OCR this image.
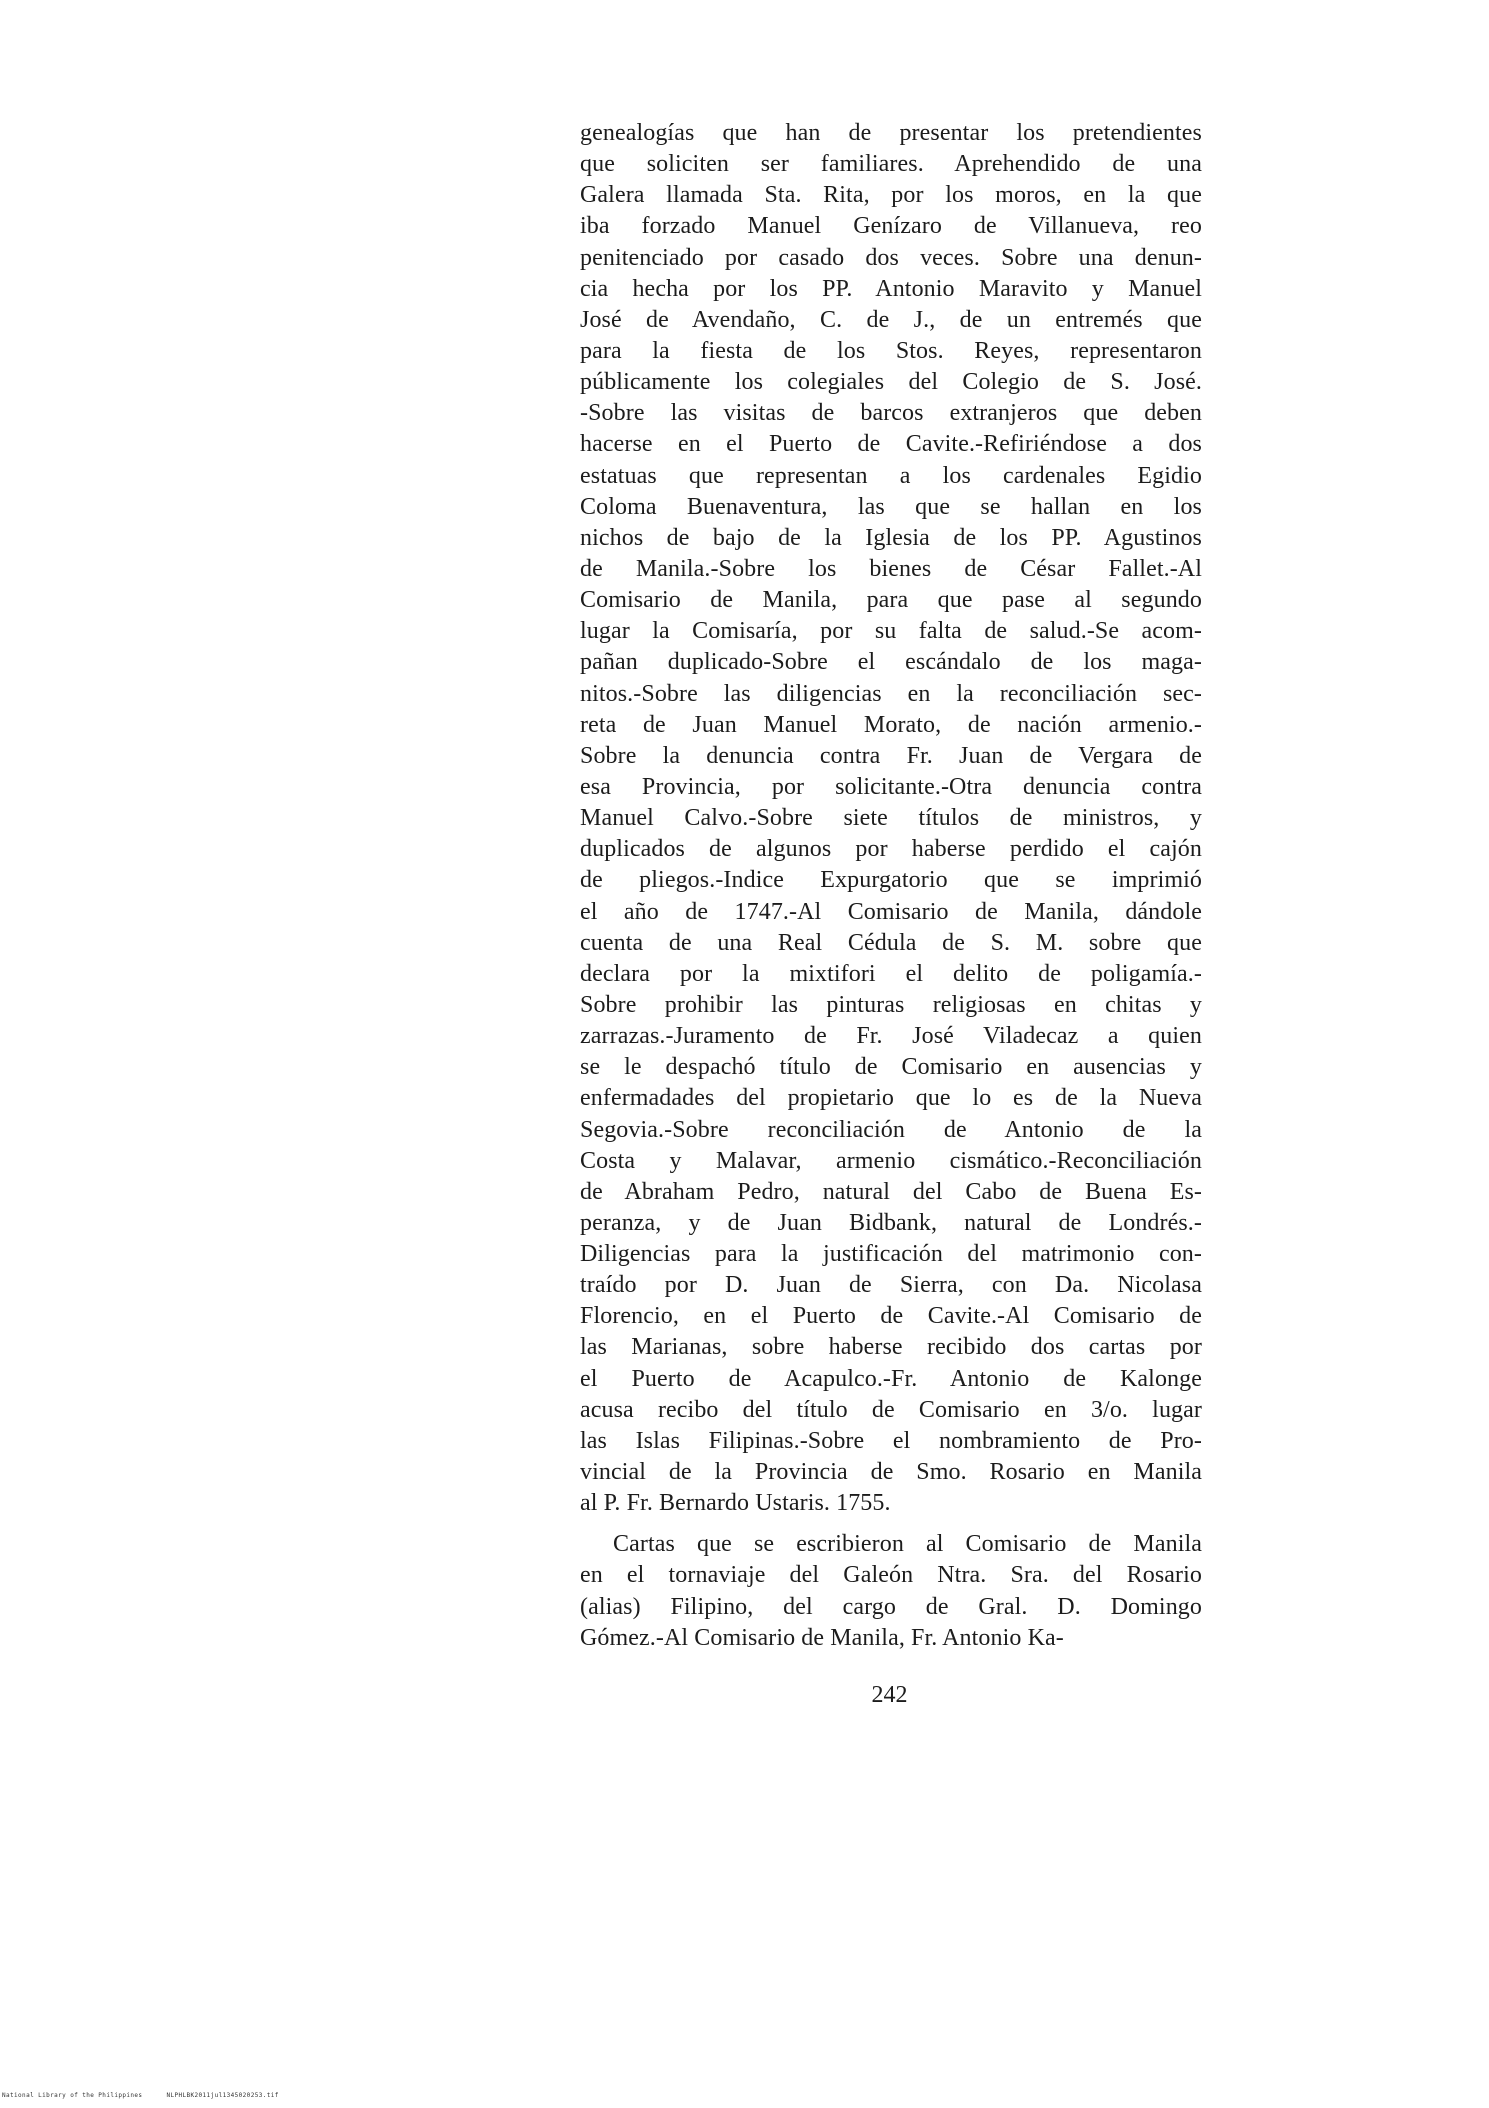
genealogías que han de presentar los pretendientes
que soliciten ser familiares. Aprehendido de una
Galera llamada Sta. Rita, por los moros, en la que
iba forzado Manuel Genízaro de Villanueva, reo
penitenciado por casado dos veces. Sobre una denun-
cia hecha por los PP. Antonio Maravito y Manuel
José de Avendaño, C. de J., de un entremés que
para la fiesta de los Stos. Reyes, representaron
públicamente los colegiales del Colegio de S. José.
-Sobre las visitas de barcos extranjeros que deben
hacerse en el Puerto de Cavite.-Refiriéndose a dos
estatuas que representan a los cardenales Egidio
Coloma Buenaventura, las que se hallan en los
nichos de bajo de la Iglesia de los PP. Agustinos
de Manila.-Sobre los bienes de César Fallet.-Al
Comisario de Manila, para que pase al segundo
lugar la Comisaría, por su falta de salud.-Se acom-
pañan duplicado-Sobre el escándalo de los maga-
nitos.-Sobre las diligencias en la reconciliación sec-
reta de Juan Manuel Morato, de nación armenio.-
Sobre la denuncia contra Fr. Juan de Vergara de
esa Provincia, por solicitante.-Otra denuncia contra
Manuel Calvo.-Sobre siete títulos de ministros, y
duplicados de algunos por haberse perdido el cajón
de pliegos.-Indice Expurgatorio que se imprimió
el año de 1747.-Al Comisario de Manila, dándole
cuenta de una Real Cédula de S. M. sobre que
declara por la mixtifori el delito de poligamía.-
Sobre prohibir las pinturas religiosas en chitas y
zarrazas.-Juramento de Fr. José Viladecaz a quien
se le despachó título de Comisario en ausencias y
enfermadades del propietario que lo es de la Nueva
Segovia.-Sobre reconciliación de Antonio de la
Costa y Malavar, armenio cismático.-Reconciliación
de Abraham Pedro, natural del Cabo de Buena Es-
peranza, y de Juan Bidbank, natural de Londrés.-
Diligencias para la justificación del matrimonio con-
traído por D. Juan de Sierra, con Da. Nicolasa
Florencio, en el Puerto de Cavite.-Al Comisario de
las Marianas, sobre haberse recibido dos cartas por
el Puerto de Acapulco.-Fr. Antonio de Kalonge
acusa recibo del título de Comisario en 3/o. lugar
las Islas Filipinas.-Sobre el nombramiento de Pro-
vincial de la Provincia de Smo. Rosario en Manila
al P. Fr. Bernardo Ustaris. 1755.
Cartas que se escribieron al Comisario de Manila
en el tornaviaje del Galeón Ntra. Sra. del Rosario
(alias) Filipino, del cargo de Gral. D. Domingo
Gómez.-Al Comisario de Manila, Fr. Antonio Ka-
242
National Library of the Philippines	NLPHLBK2011jul1345020253.tif
